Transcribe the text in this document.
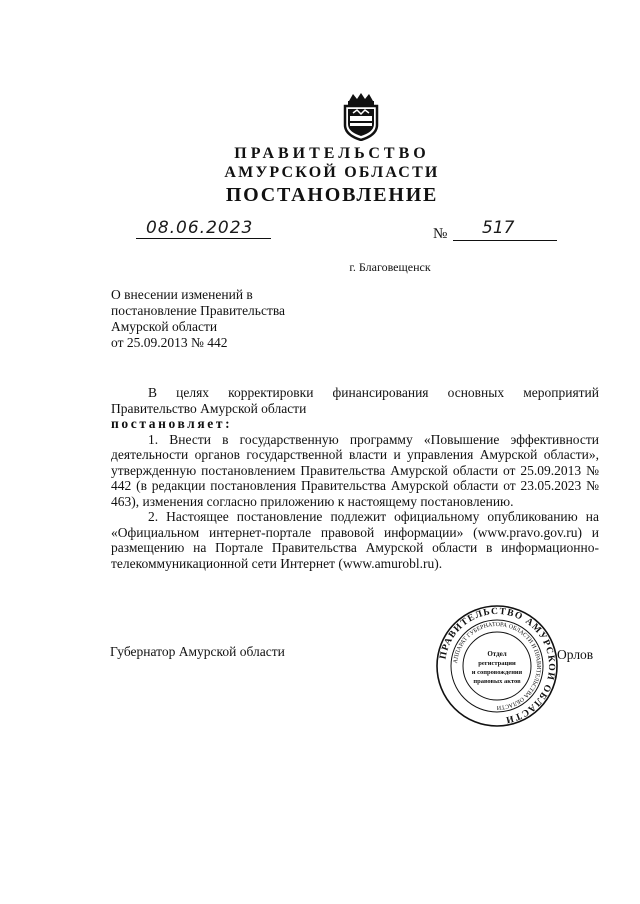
ПРАВИТЕЛЬСТВО
АМУРСКОЙ ОБЛАСТИ
ПОСТАНОВЛЕНИЕ
08.06.2023	№ 517
г. Благовещенск
О внесении изменений в
постановление Правительства
Амурской области
от 25.09.2013 № 442

В целях корректировки финансирования основных мероприятий Правительство Амурской области

постановляет:

1. Внести в государственную программу «Повышение эффективности деятельности органов государственной власти и управления Амурской области», утвержденную постановлением Правительства Амурской области от 25.09.2013 № 442 (в редакции постановления Правительства Амурской области от 23.05.2023 № 463), изменения согласно приложению к настоящему постановлению.

2. Настоящее постановление подлежит официальному опубликованию на «Официальном интернет-портале правовой информации» (www.pravo.gov.ru) и размещению на Портале Правительства Амурской области в информационно-телекоммуникационной сети Интернет (www.amurobl.ru).

Губернатор Амурской области	Орлов
ПРАВИТЕЛЬСТВО АМУРСКОЙ ОБЛАСТИ
АППАРАТ ГУБЕРНАТОРА ОБЛАСТИ И ПРАВИТЕЛЬСТВА ОБЛАСТИ
Отдел
регистрации
и сопровождения
правовых актов
